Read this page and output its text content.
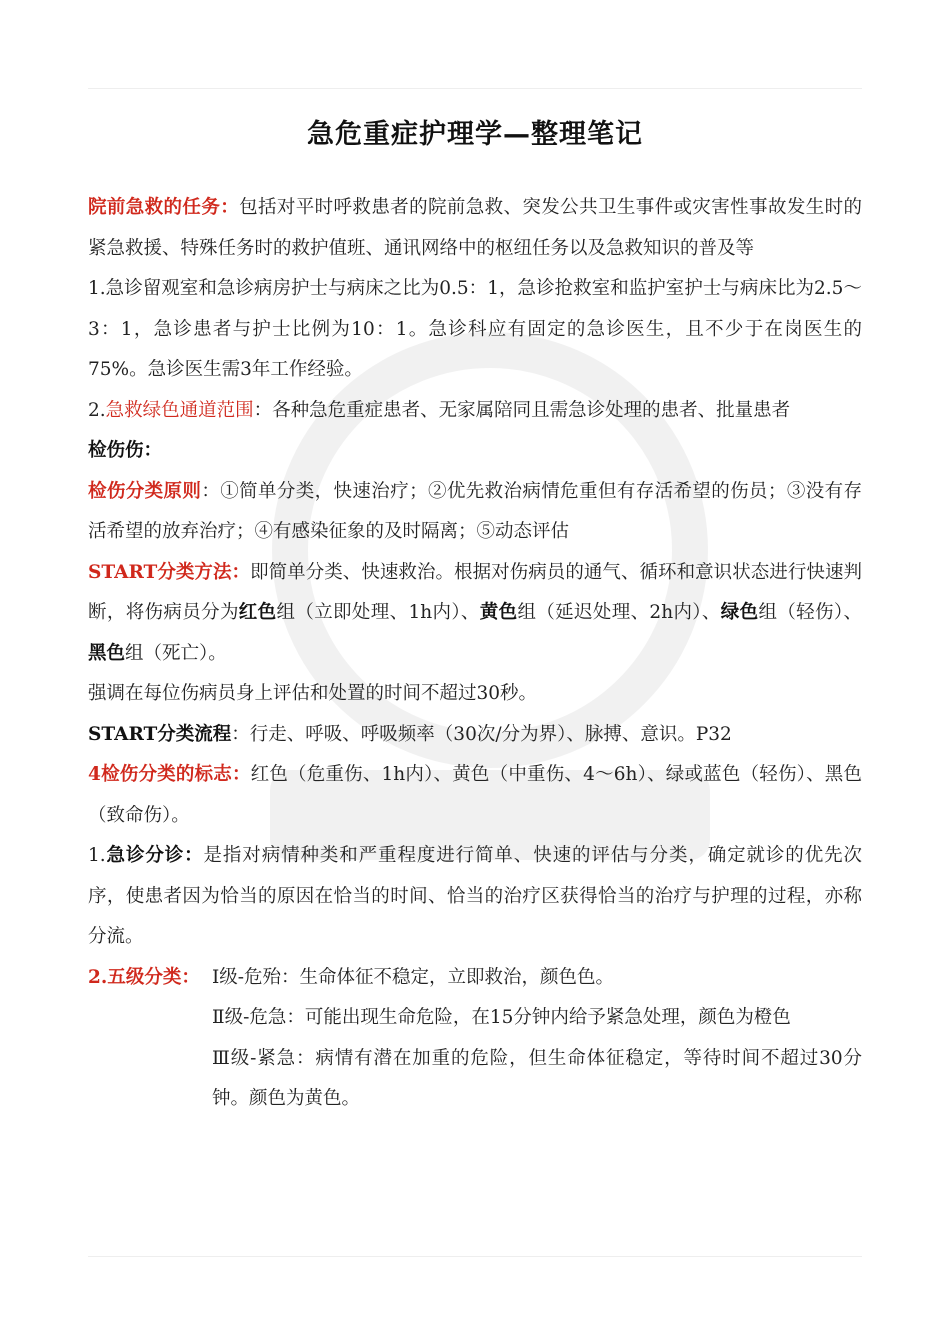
急危重症护理学—整理笔记

院前急救的任务：包括对平时呼救患者的院前急救、突发公共卫生事件或灾害性事故发生时的紧急救援、特殊任务时的救护值班、通讯网络中的枢纽任务以及急救知识的普及等

1.急诊留观室和急诊病房护士与病床之比为0.5：1，急诊抢救室和监护室护士与病床比为2.5～3：1，急诊患者与护士比例为10：1。急诊科应有固定的急诊医生，且不少于在岗医生的75%。急诊医生需3年工作经验。

2.急救绿色通道范围：各种急危重症患者、无家属陪同且需急诊处理的患者、批量患者

检伤伤：

检伤分类原则：①简单分类，快速治疗；②优先救治病情危重但有存活希望的伤员；③没有存活希望的放弃治疗；④有感染征象的及时隔离；⑤动态评估

START分类方法：即简单分类、快速救治。根据对伤病员的通气、循环和意识状态进行快速判断，将伤病员分为红色组（立即处理、1h内）、黄色组（延迟处理、2h内）、绿色组（轻伤）、黑色组（死亡）。

强调在每位伤病员身上评估和处置的时间不超过30秒。

START分类流程：行走、呼吸、呼吸频率（30次/分为界）、脉搏、意识。P32

4检伤分类的标志：红色（危重伤、1h内）、黄色（中重伤、4～6h）、绿或蓝色（轻伤）、黑色（致命伤）。

1.急诊分诊：是指对病情种类和严重程度进行简单、快速的评估与分类，确定就诊的优先次序，使患者因为恰当的原因在恰当的时间、恰当的治疗区获得恰当的治疗与护理的过程，亦称分流。

2.五级分类： Ⅰ级-危殆：生命体征不稳定，立即救治，颜色色。

Ⅱ级-危急：可能出现生命危险，在15分钟内给予紧急处理，颜色为橙色

Ⅲ级-紧急：病情有潜在加重的危险，但生命体征稳定，等待时间不超过30分钟。颜色为黄色。
